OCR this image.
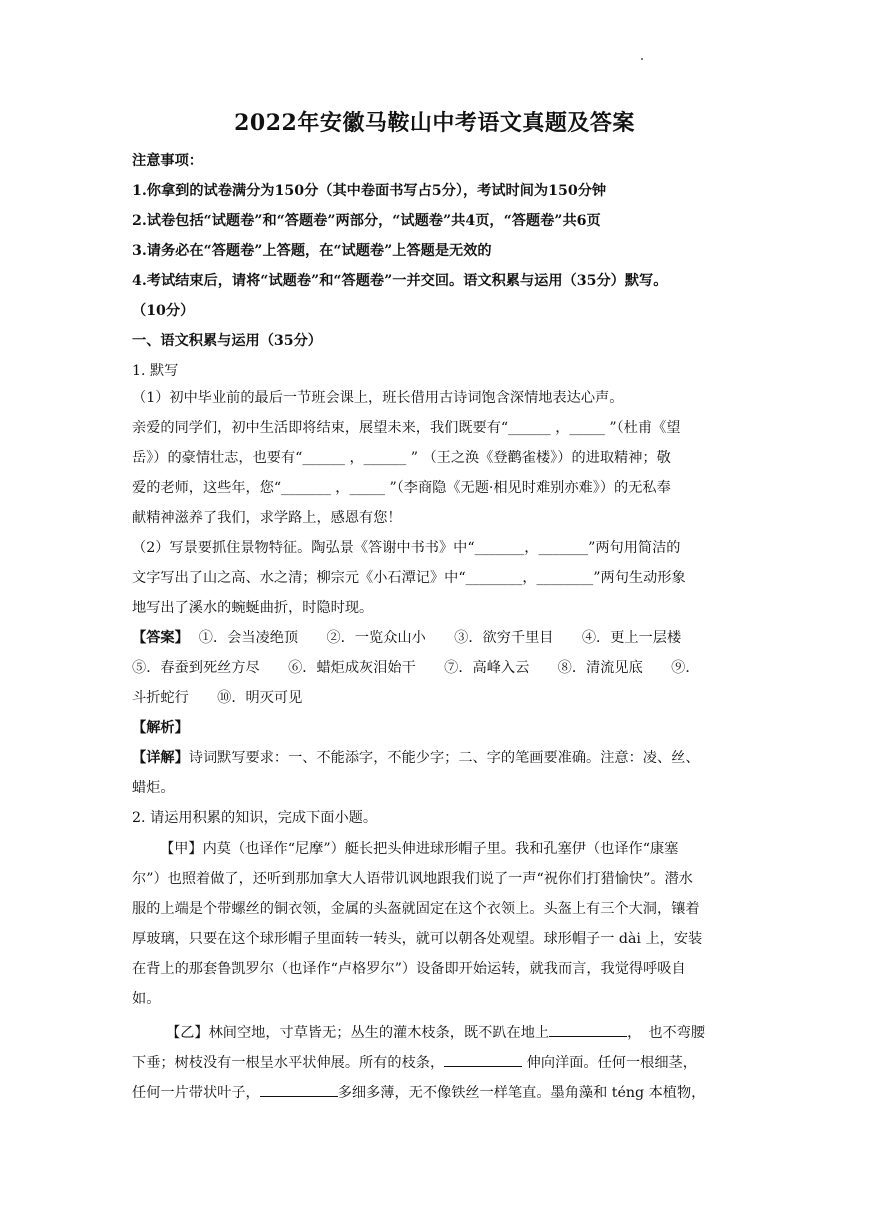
2022年安徽马鞍山中考语文真题及答案
注意事项：
1.你拿到的试卷满分为150分（其中卷面书写占5分），考试时间为150分钟
2.试卷包括“试题卷”和“答题卷”两部分，“试题卷”共4页，“答题卷”共6页
3.请务必在“答题卷”上答题，在“试题卷”上答题是无效的
4.考试结束后，请将“试题卷”和“答题卷”一并交回。语文积累与运用（35分）默写。
（10分）
一、语文积累与运用（35分）
1. 默写
（1）初中毕业前的最后一节班会课上，班长借用古诗词饱含深情地表达心声。
亲爱的同学们，初中生活即将结束，展望未来，我们既要有“______ ，_____ ”（杜甫《望
岳》）的豪情壮志，也要有“______ ，______ ” （王之涣《登鹳雀楼》）的进取精神；敬
爱的老师，这些年，您“_______ ，_____ ”（李商隐《无题·相见时难别亦难》）的无私奉
献精神滋养了我们，求学路上，感恩有您！
（2）写景要抓住景物特征。陶弘景《答谢中书书》中“_______，_______”两句用简洁的
文字写出了山之高、水之清；柳宗元《小石潭记》中“________，________”两句生动形象
地写出了溪水的蜿蜒曲折，时隐时现。
【答案】 ①．会当凌绝顶　　②．一览众山小　　③．欲穷千里目　　④．更上一层楼
⑤．春蚕到死丝方尽　　⑥．蜡炬成灰泪始干　　⑦．高峰入云　　⑧．清流见底　　⑨．
斗折蛇行　　⑩．明灭可见
【解析】
【详解】诗词默写要求：一、不能添字，不能少字；二、字的笔画要准确。注意：凌、丝、
蜡炬。
2. 请运用积累的知识，完成下面小题。
【甲】内莫（也译作“尼摩”）艇长把头伸进球形帽子里。我和孔塞伊（也译作“康塞
尔”）也照着做了，还听到那加拿大人语带讥讽地跟我们说了一声“祝你们打猎愉快”。潜水
服的上端是个带螺丝的铜衣领，金属的头盔就固定在这个衣领上。头盔上有三个大洞，镶着
厚玻璃，只要在这个球形帽子里面转一转头，就可以朝各处观望。球形帽子一 dài 上，安装
在背上的那套鲁凯罗尔（也译作“卢格罗尔”）设备即开始运转，就我而言，我觉得呼吸自
如。
【乙】林间空地，寸草皆无；丛生的灌木枝条，既不趴在地上	，　也不弯腰
下垂；树枝没有一根呈水平状伸展。所有的枝条，	伸向洋面。任何一根细茎，
任何一片带状叶子，	多细多薄，无不像铁丝一样笔直。墨角藻和 téng 本植物，
